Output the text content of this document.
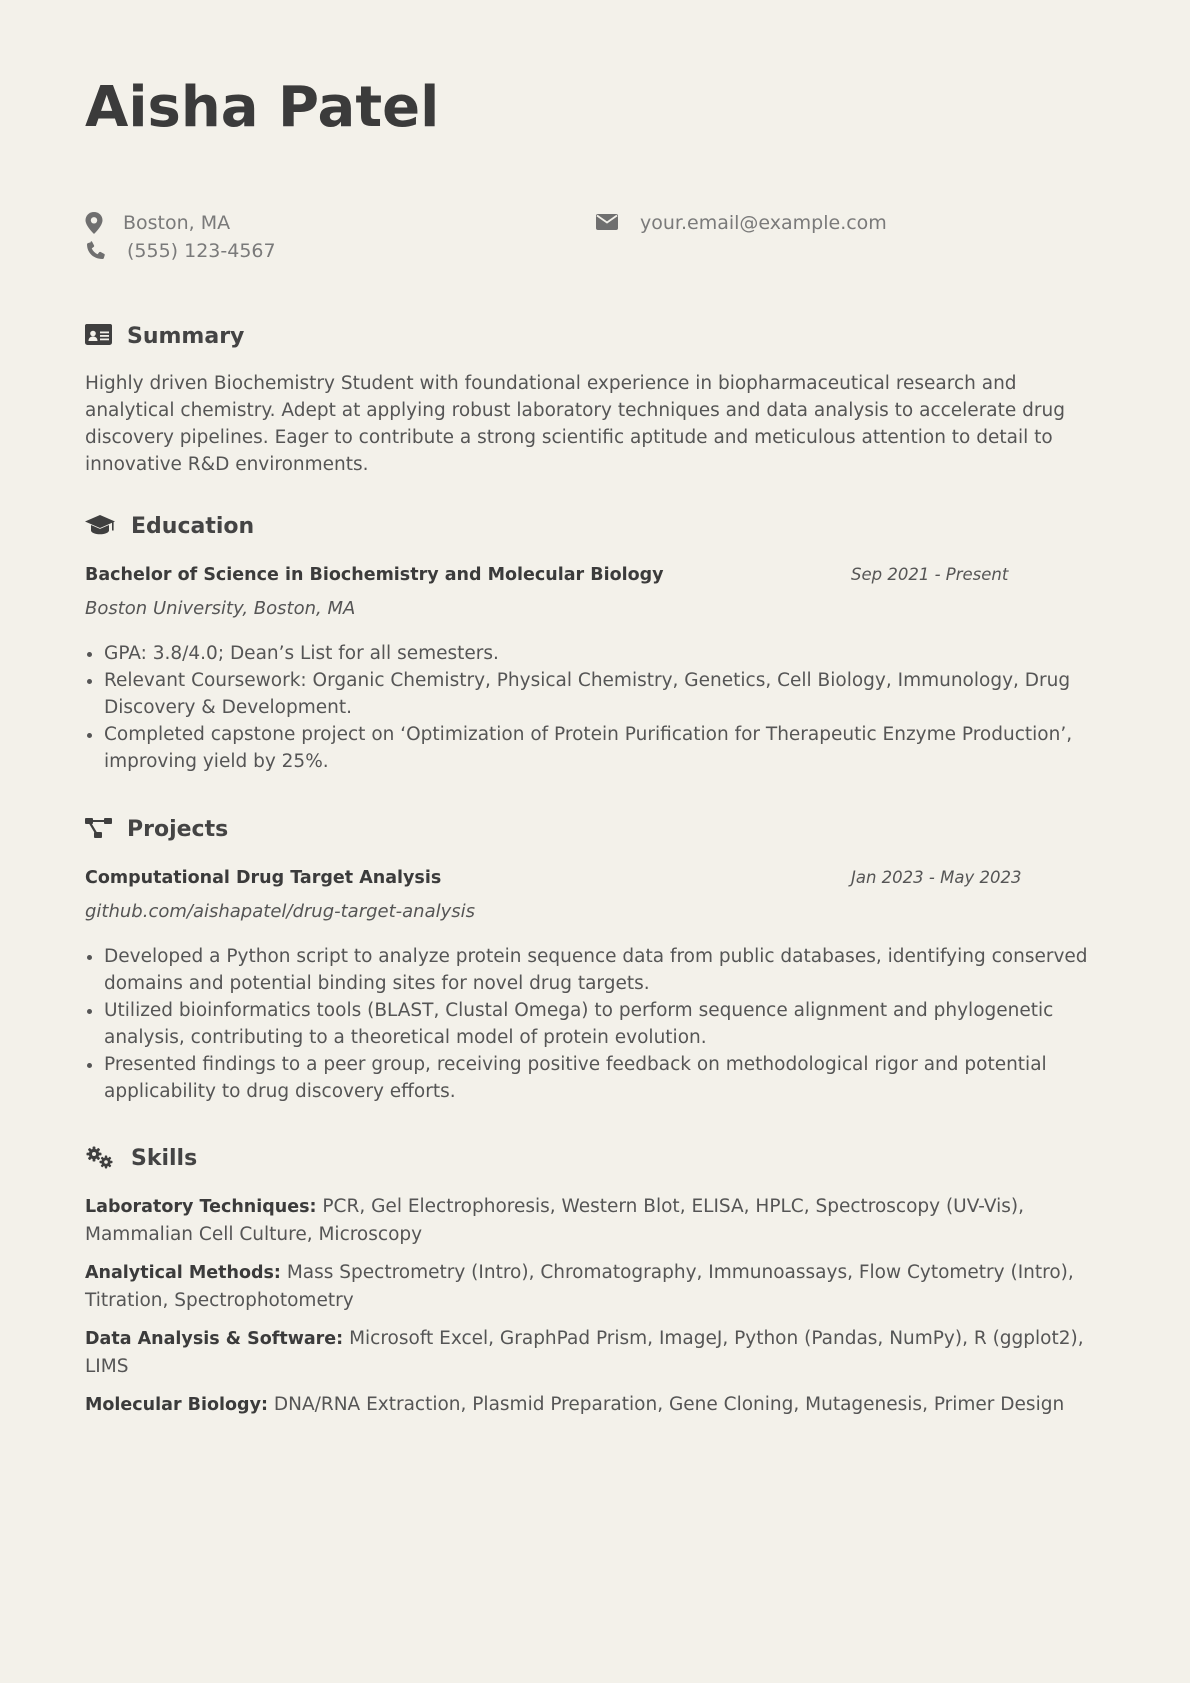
Aisha Patel
Boston, MA	your.email@example.com
(555) 123-4567
Summary

Highly driven Biochemistry Student with foundational experience in biopharmaceutical research and analytical chemistry. Adept at applying robust laboratory techniques and data analysis to accelerate drug discovery pipelines. Eager to contribute a strong scientific aptitude and meticulous attention to detail to innovative R&D environments.

Education
Bachelor of Science in Biochemistry and Molecular Biology	Sep 2021 - Present
Boston University, Boston, MA
GPA: 3.8/4.0; Dean’s List for all semesters.
Relevant Coursework: Organic Chemistry, Physical Chemistry, Genetics, Cell Biology, Immunology, Drug Discovery & Development.
Completed capstone project on ‘Optimization of Protein Purification for Therapeutic Enzyme Production’, improving yield by 25%.
Projects
Computational Drug Target Analysis	Jan 2023 - May 2023
github.com/aishapatel/drug-target-analysis
Developed a Python script to analyze protein sequence data from public databases, identifying conserved domains and potential binding sites for novel drug targets.
Utilized bioinformatics tools (BLAST, Clustal Omega) to perform sequence alignment and phylogenetic analysis, contributing to a theoretical model of protein evolution.
Presented findings to a peer group, receiving positive feedback on methodological rigor and potential applicability to drug discovery efforts.
Skills
Laboratory Techniques: PCR, Gel Electrophoresis, Western Blot, ELISA, HPLC, Spectroscopy (UV-Vis), Mammalian Cell Culture, Microscopy
Analytical Methods: Mass Spectrometry (Intro), Chromatography, Immunoassays, Flow Cytometry (Intro), Titration, Spectrophotometry
Data Analysis & Software: Microsoft Excel, GraphPad Prism, ImageJ, Python (Pandas, NumPy), R (ggplot2), LIMS
Molecular Biology: DNA/RNA Extraction, Plasmid Preparation, Gene Cloning, Mutagenesis, Primer Design
